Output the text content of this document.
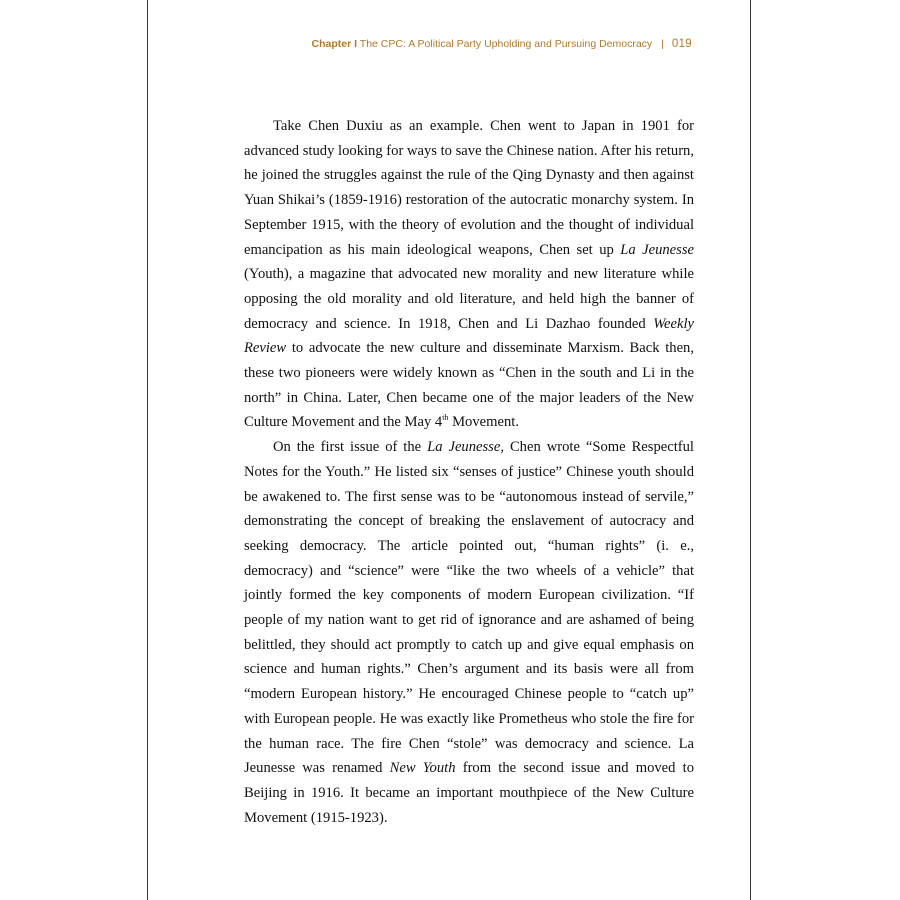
Chapter I The CPC: A Political Party Upholding and Pursuing Democracy | 019

Take Chen Duxiu as an example. Chen went to Japan in 1901 for advanced study looking for ways to save the Chinese nation. After his return, he joined the struggles against the rule of the Qing Dynasty and then against Yuan Shikai’s (1859-1916) restoration of the autocratic monarchy system. In September 1915, with the theory of evolution and the thought of individual emancipation as his main ideological weapons, Chen set up La Jeunesse (Youth), a magazine that advocated new morality and new literature while opposing the old morality and old literature, and held high the banner of democracy and science. In 1918, Chen and Li Dazhao founded Weekly Review to advocate the new culture and disseminate Marxism. Back then, these two pioneers were widely known as “Chen in the south and Li in the north” in China. Later, Chen became one of the major leaders of the New Culture Movement and the May 4th Movement.

On the first issue of the La Jeunesse, Chen wrote “Some Respectful Notes for the Youth.” He listed six “senses of justice” Chinese youth should be awakened to. The first sense was to be “autonomous instead of servile,” demonstrating the concept of breaking the enslavement of autocracy and seeking democracy. The article pointed out, “human rights” (i. e., democracy) and “science” were “like the two wheels of a vehicle” that jointly formed the key components of modern European civilization. “If people of my nation want to get rid of ignorance and are ashamed of being belittled, they should act promptly to catch up and give equal emphasis on science and human rights.” Chen’s argument and its basis were all from “modern European history.” He encouraged Chinese people to “catch up” with European people. He was exactly like Prometheus who stole the fire for the human race. The fire Chen “stole” was democracy and science. La Jeunesse was renamed New Youth from the second issue and moved to Beijing in 1916. It became an important mouthpiece of the New Culture Movement (1915-1923).
